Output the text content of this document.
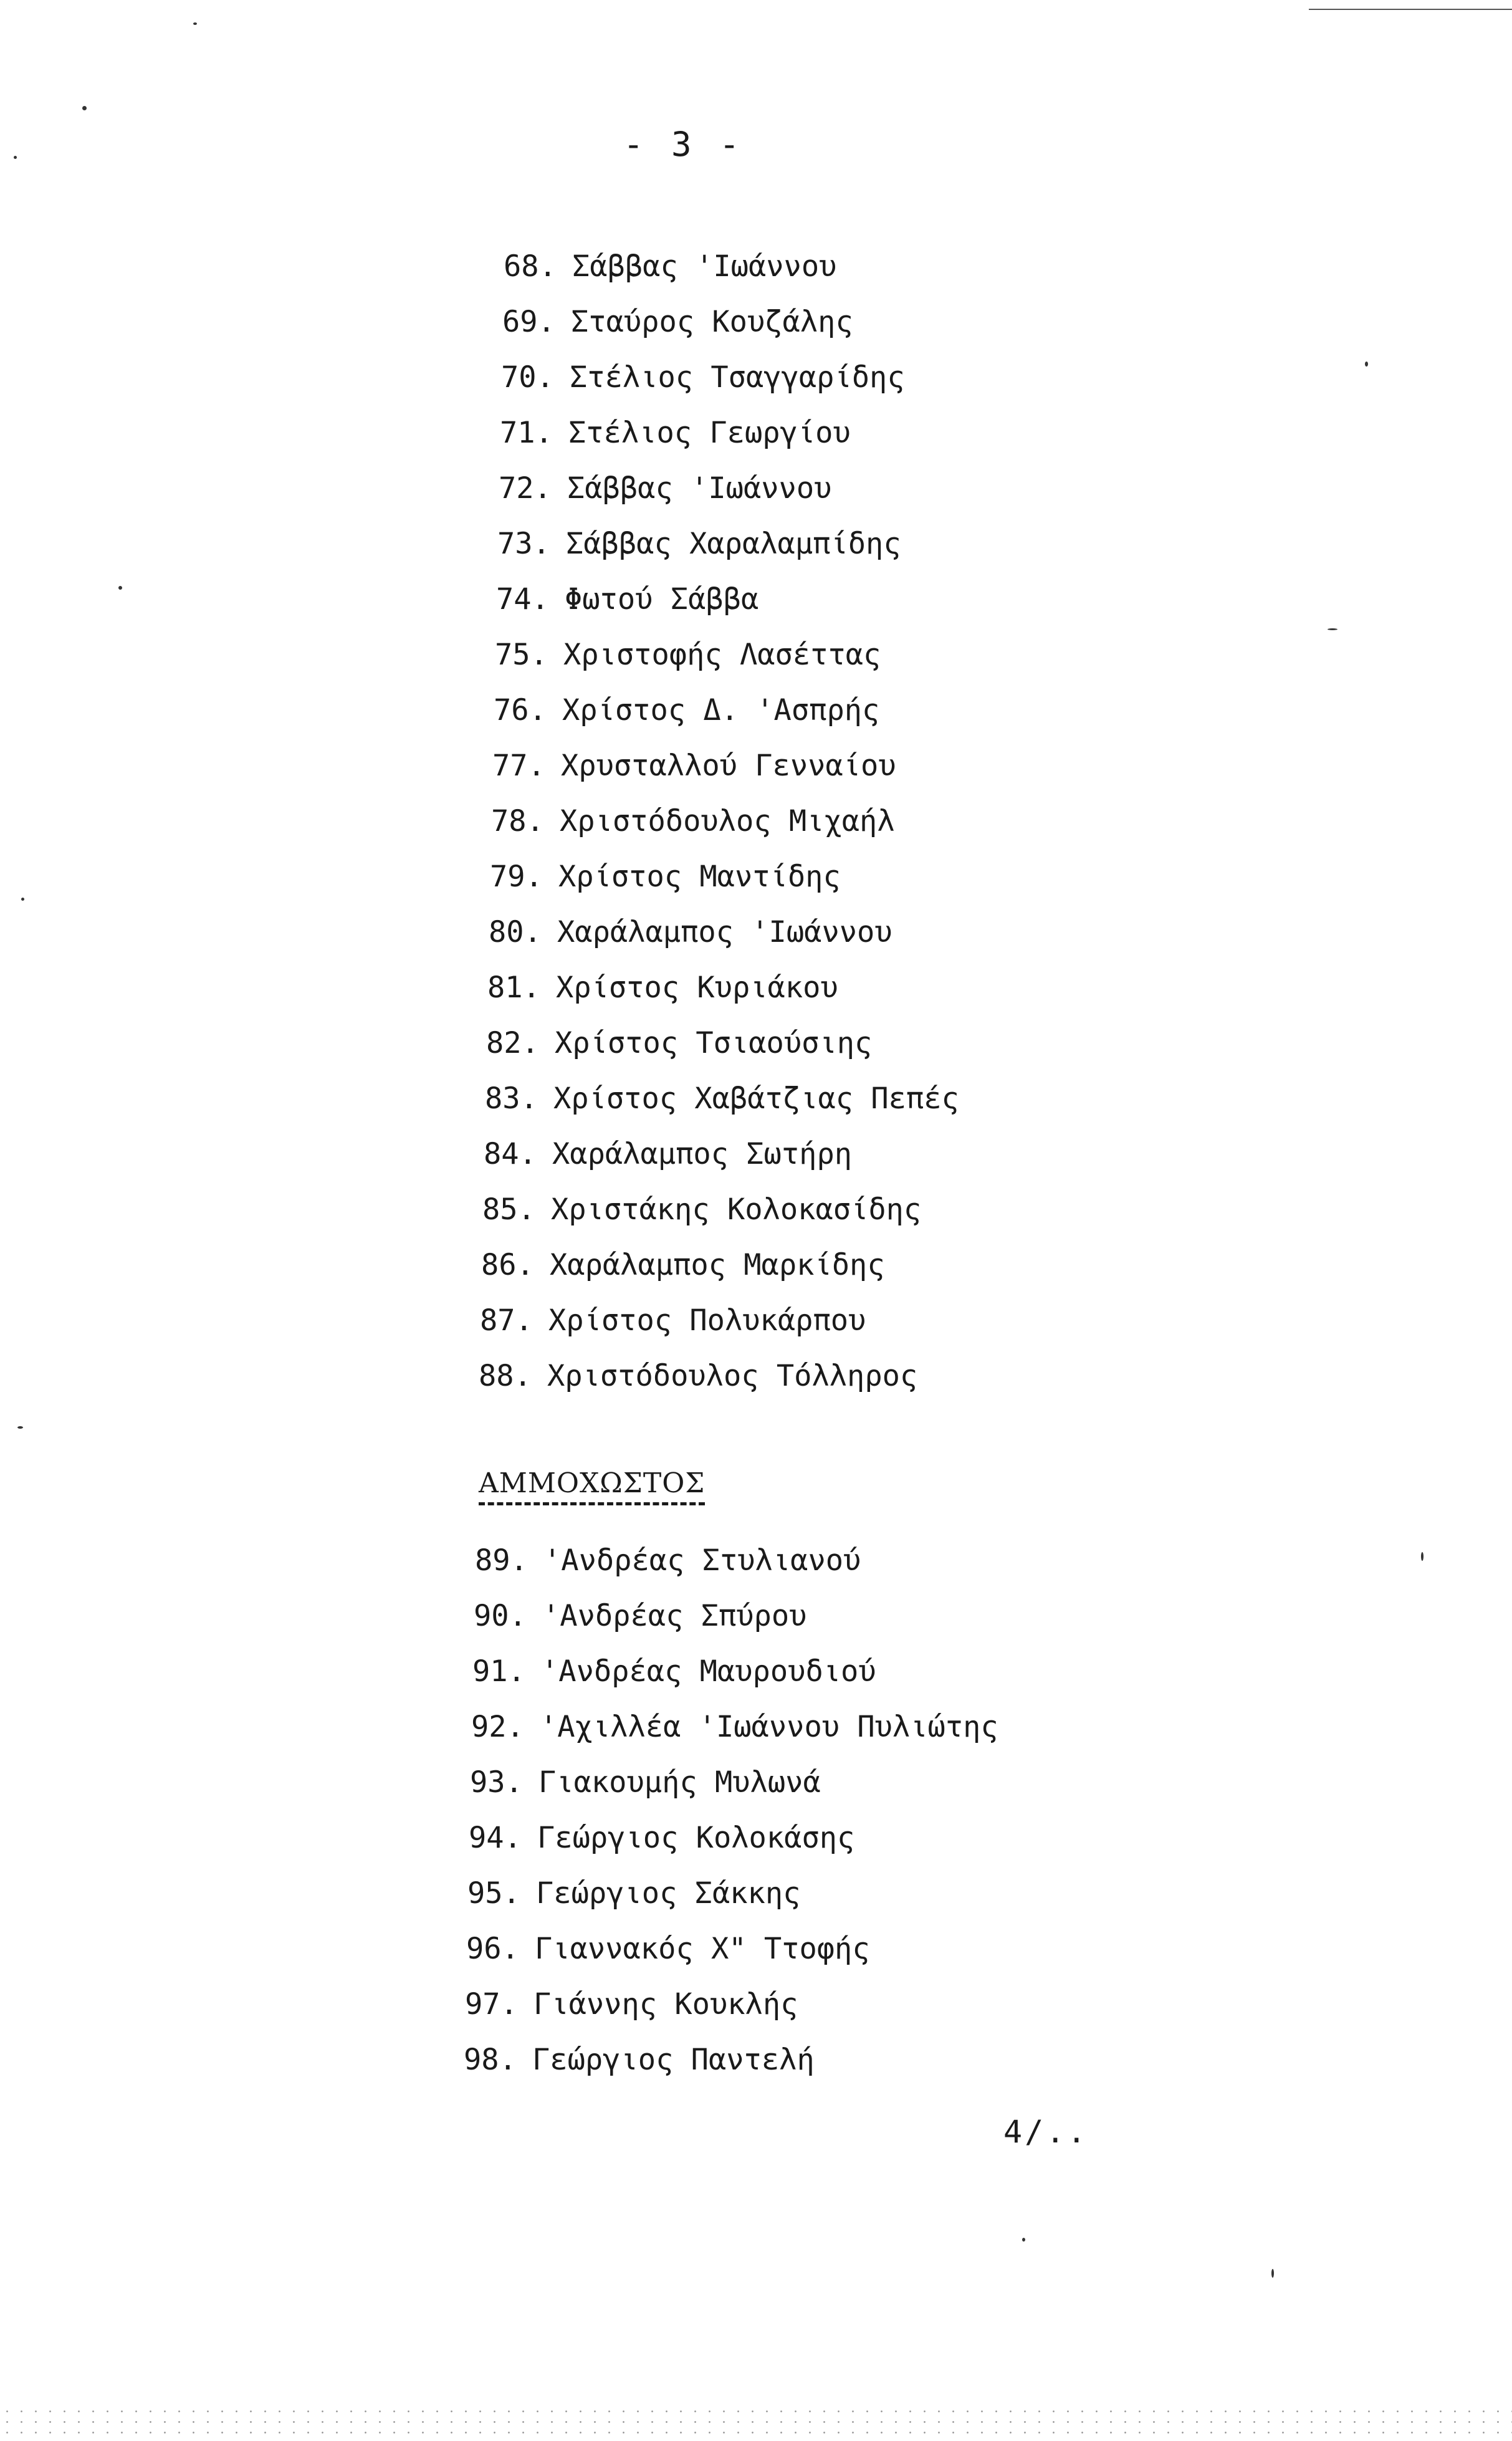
- 3 -
68. Σάββας 'Ιωάννου
69. Σταύρος Κουζάλης
70. Στέλιος Τσαγγαρίδης
71. Στέλιος Γεωργίου
72. Σάββας 'Ιωάννου
73. Σάββας Χαραλαμπίδης
74. Φωτού Σάββα
75. Χριστοφής Λασέττας
76. Χρίστος Δ. 'Ασπρής
77. Χρυσταλλού Γενναίου
78. Χριστόδουλος Μιχαήλ
79. Χρίστος Μαντίδης
80. Χαράλαμπος 'Ιωάννου
81. Χρίστος Κυριάκου
82. Χρίστος Τσιαούσιης
83. Χρίστος Χαβάτζιας Πεπές
84. Χαράλαμπος Σωτήρη
85. Χριστάκης Κολοκασίδης
86. Χαράλαμπος Μαρκίδης
87. Χρίστος Πολυκάρπου
88. Χριστόδουλος Τόλληρος
ΑΜΜΟΧΩΣΤΟΣ
89. 'Ανδρέας Στυλιανού
90. 'Ανδρέας Σπύρου
91. 'Ανδρέας Μαυρουδιού
92. 'Αχιλλέα 'Ιωάννου Πυλιώτης
93. Γιακουμής Μυλωνά
94. Γεώργιος Κολοκάσης
95. Γεώργιος Σάκκης
96. Γιαννακός Χ" Ττοφής
97. Γιάννης Κουκλής
98. Γεώργιος Παντελή
4/..
